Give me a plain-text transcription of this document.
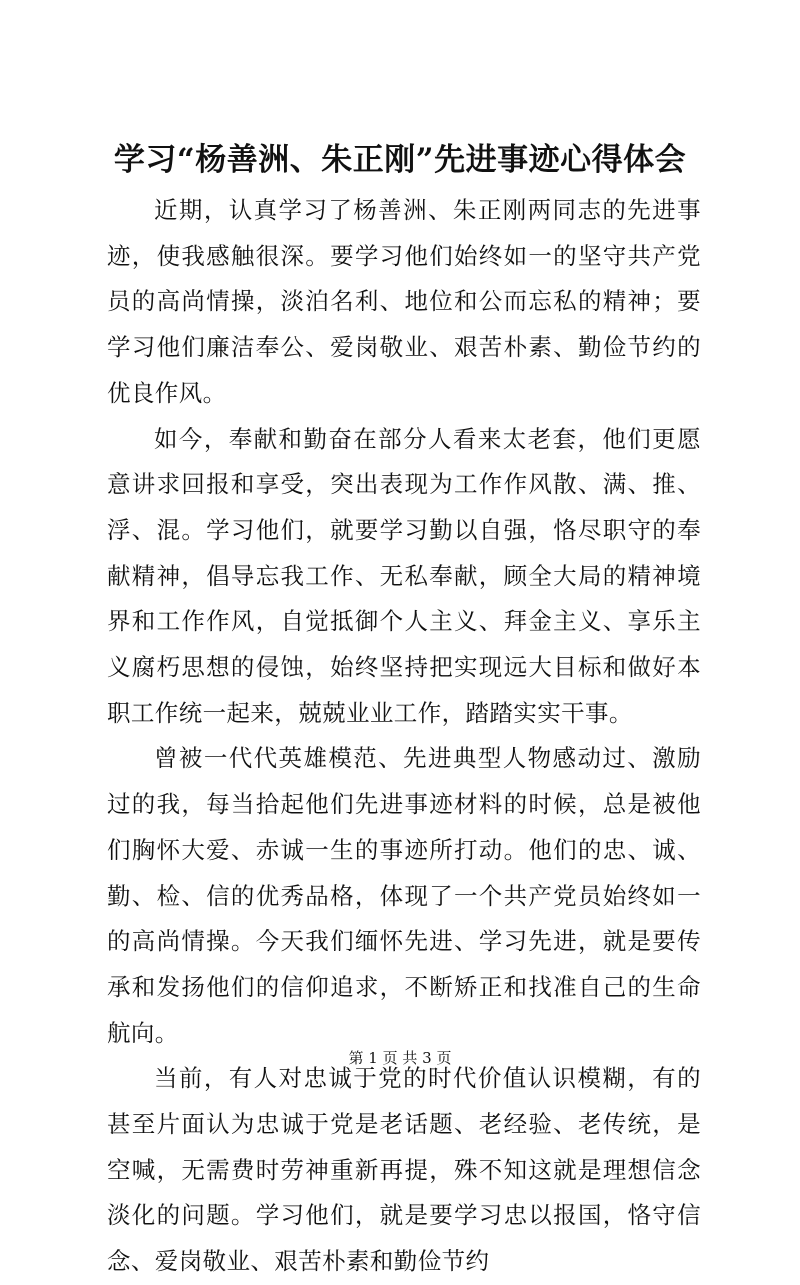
学习“杨善洲、朱正刚”先进事迹心得体会

近期，认真学习了杨善洲、朱正刚两同志的先进事迹，使我感触很深。要学习他们始终如一的坚守共产党员的高尚情操，淡泊名利、地位和公而忘私的精神；要学习他们廉洁奉公、爱岗敬业、艰苦朴素、勤俭节约的优良作风。

如今，奉献和勤奋在部分人看来太老套，他们更愿意讲求回报和享受，突出表现为工作作风散、满、推、浮、混。学习他们，就要学习勤以自强，恪尽职守的奉献精神，倡导忘我工作、无私奉献，顾全大局的精神境界和工作作风，自觉抵御个人主义、拜金主义、享乐主义腐朽思想的侵蚀，始终坚持把实现远大目标和做好本职工作统一起来，兢兢业业工作，踏踏实实干事。

曾被一代代英雄模范、先进典型人物感动过、激励过的我，每当拾起他们先进事迹材料的时候，总是被他们胸怀大爱、赤诚一生的事迹所打动。他们的忠、诚、勤、检、信的优秀品格，体现了一个共产党员始终如一的高尚情操。今天我们缅怀先进、学习先进，就是要传承和发扬他们的信仰追求，不断矫正和找准自己的生命航向。

当前，有人对忠诚于党的时代价值认识模糊，有的甚至片面认为忠诚于党是老话题、老经验、老传统，是空喊，无需费时劳神重新再提，殊不知这就是理想信念淡化的问题。学习他们，就是要学习忠以报国，恪守信念、爱岗敬业、艰苦朴素和勤俭节约

第 1 页 共 3 页
